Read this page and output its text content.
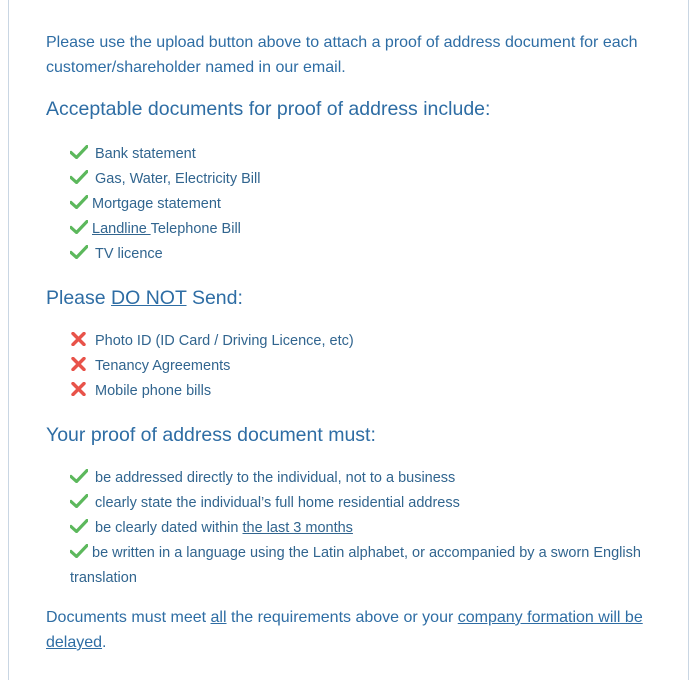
Please use the upload button above to attach a proof of address document for each customer/shareholder named in our email.

Acceptable documents for proof of address include:
Bank statement
Gas, Water, Electricity Bill
Mortgage statement
Landline Telephone Bill
TV licence
Please DO NOT Send:
Photo ID (ID Card / Driving Licence, etc)
Tenancy Agreements
Mobile phone bills
Your proof of address document must:
be addressed directly to the individual, not to a business
clearly state the individual’s full home residential address
be clearly dated within the last 3 months
be written in a language using the Latin alphabet, or accompanied by a sworn English translation

Documents must meet all the requirements above or your company formation will be delayed.
